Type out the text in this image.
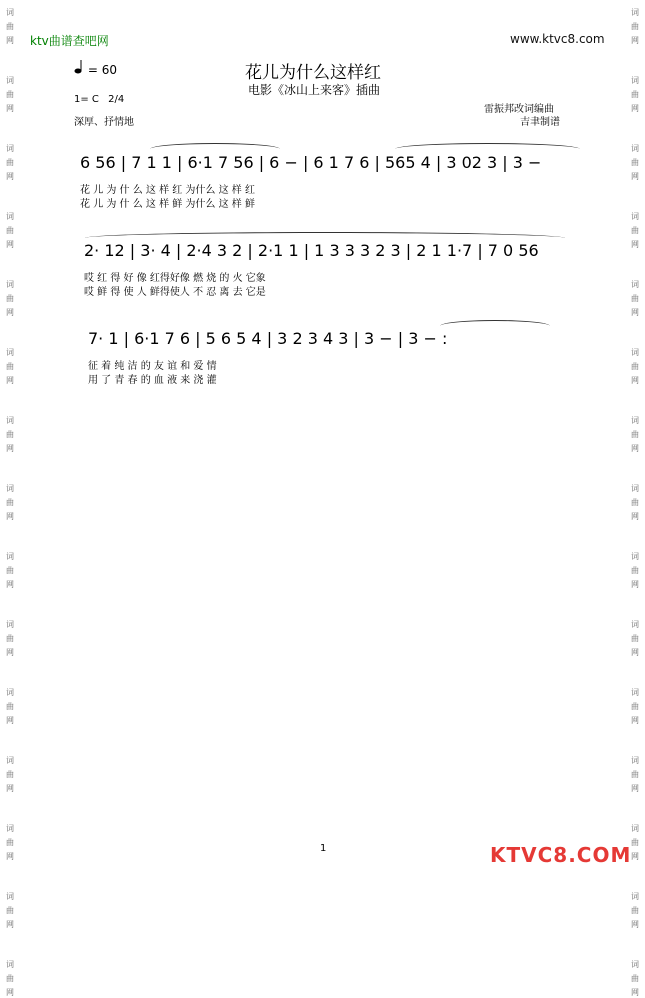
词
曲
网
词
曲
网
词
曲
网
词
曲
网
词
曲
网
词
曲
网
词
曲
网
词
曲
网
词
曲
网
词
曲
网
词
曲
网
词
曲
网
词
曲
网
词
曲
网
词
曲
网
词
曲
网
词
曲
网
词
曲
网
词
曲
网
词
曲
网
词
曲
网
词
曲
网
词
曲
网
词
曲
网
词
曲
网
词
曲
网
词
曲
网
词
曲
网
词
曲
网
词
曲
网
ktv曲谱查吧网	www.ktvc8.com
= 60	花儿为什么这样红
电影《冰山上来客》插曲
1= C 2/4
深厚、抒情地
雷振邦改词编曲
吉聿制谱
6 56 | 7 1 1 | 6·1 7 56 | 6 − | 6 1 7 6 | 565 4 | 3 02 3 | 3 −
花 儿 为 什 么 这 样 红 为什么 这 样 红
花 儿 为 什 么 这 样 鲜 为什么 这 样 鲜
2· 12 | 3· 4 | 2·4 3 2 | 2·1 1 | 1 3 3 3 2 3 | 2 1 1·7 | 7 0 56
哎 红 得 好 像 红得好像 燃 烧 的 火 它象
哎 鲜 得 使 人 鲜得使人 不 忍 离 去 它是
7· 1 | 6·1 7 6 | 5 6 5 4 | 3 2 3 4 3 | 3 − | 3 − :
征 着 纯 洁 的 友 谊 和 爱 情
用 了 青 春 的 血 液 来 浇 灌
1	KTVC8.COM
